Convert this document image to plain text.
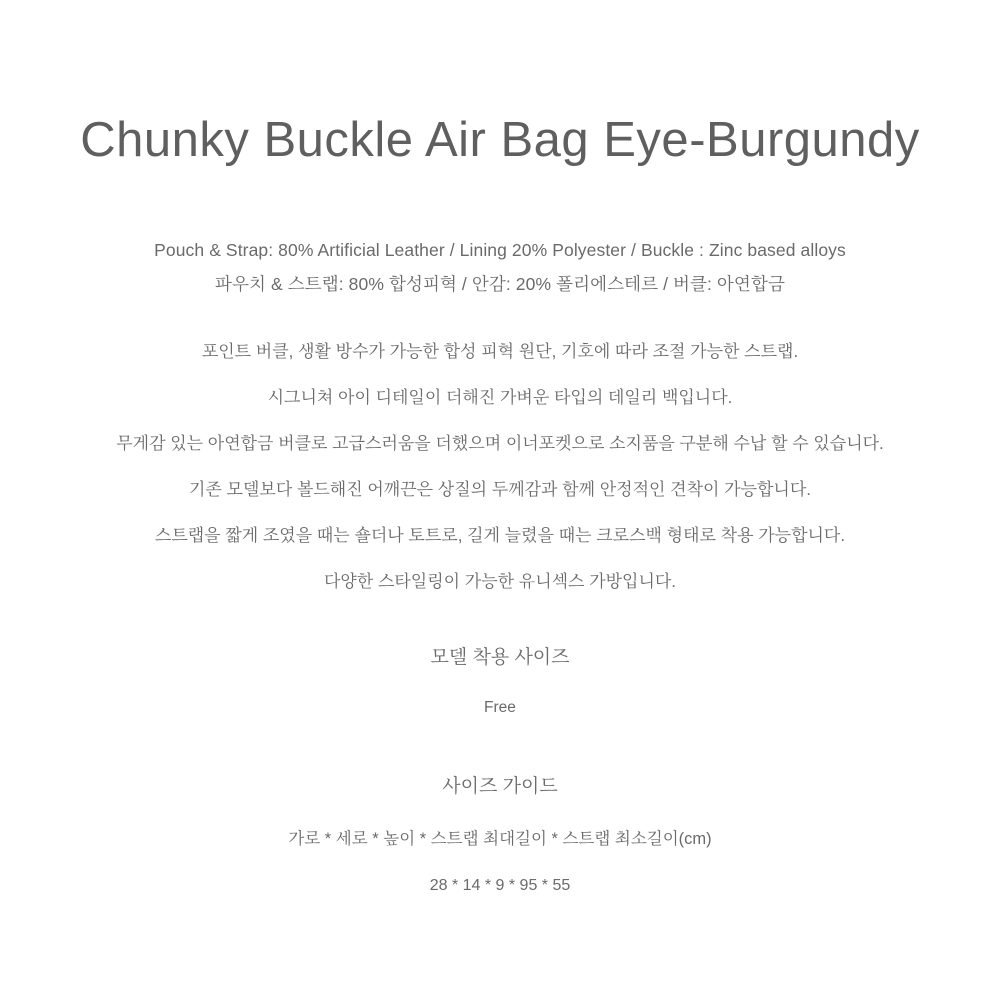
Chunky Buckle Air Bag Eye-Burgundy
Pouch & Strap: 80% Artificial Leather / Lining 20% Polyester / Buckle : Zinc based alloys
파우치 & 스트랩: 80% 합성피혁 / 안감: 20% 폴리에스테르 / 버클: 아연합금
포인트 버클, 생활 방수가 가능한 합성 피혁 원단, 기호에 따라 조절 가능한 스트랩.
시그니쳐 아이 디테일이 더해진 가벼운 타입의 데일리 백입니다.
무게감 있는 아연합금 버클로 고급스러움을 더했으며 이너포켓으로 소지품을 구분해 수납 할 수 있습니다.
기존 모델보다 볼드해진 어깨끈은 상질의 두께감과 함께 안정적인 견착이 가능합니다.
스트랩을 짧게 조였을 때는 숄더나 토트로, 길게 늘렸을 때는 크로스백 형태로 착용 가능합니다.
다양한 스타일링이 가능한 유니섹스 가방입니다.
모델 착용 사이즈
Free
사이즈 가이드
가로 * 세로 * 높이 * 스트랩 최대길이 * 스트랩 최소길이(cm)
28 * 14 * 9 * 95 * 55
